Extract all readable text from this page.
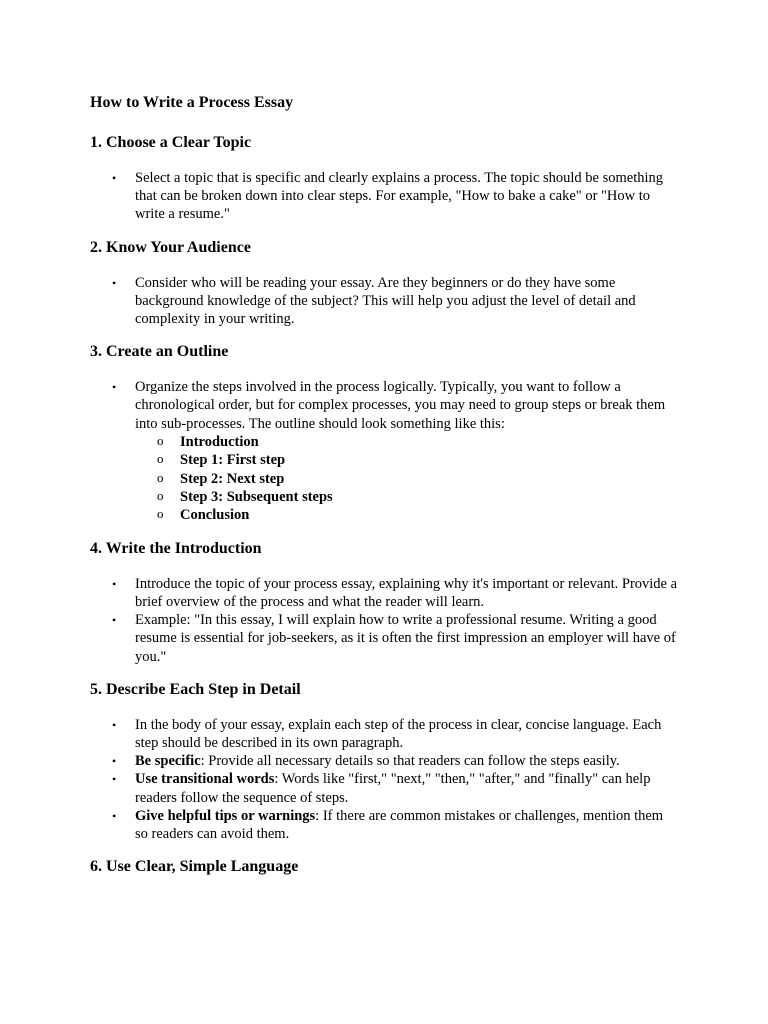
How to Write a Process Essay
1. Choose a Clear Topic
•	Select a topic that is specific and clearly explains a process. The topic should be something that can be broken down into clear steps. For example, "How to bake a cake" or "How to write a resume."
2. Know Your Audience
•	Consider who will be reading your essay. Are they beginners or do they have some background knowledge of the subject? This will help you adjust the level of detail and complexity in your writing.
3. Create an Outline
•	Organize the steps involved in the process logically. Typically, you want to follow a chronological order, but for complex processes, you may need to group steps or break them into sub-processes. The outline should look something like this:
o Introduction
o Step 1: First step
o Step 2: Next step
o Step 3: Subsequent steps
o Conclusion
4. Write the Introduction
•	Introduce the topic of your process essay, explaining why it's important or relevant. Provide a brief overview of the process and what the reader will learn.
•	Example: "In this essay, I will explain how to write a professional resume. Writing a good resume is essential for job-seekers, as it is often the first impression an employer will have of you."
5. Describe Each Step in Detail
•	In the body of your essay, explain each step of the process in clear, concise language. Each step should be described in its own paragraph.
•	Be specific: Provide all necessary details so that readers can follow the steps easily.
•	Use transitional words: Words like "first," "next," "then," "after," and "finally" can help readers follow the sequence of steps.
•	Give helpful tips or warnings: If there are common mistakes or challenges, mention them so readers can avoid them.
6. Use Clear, Simple Language
